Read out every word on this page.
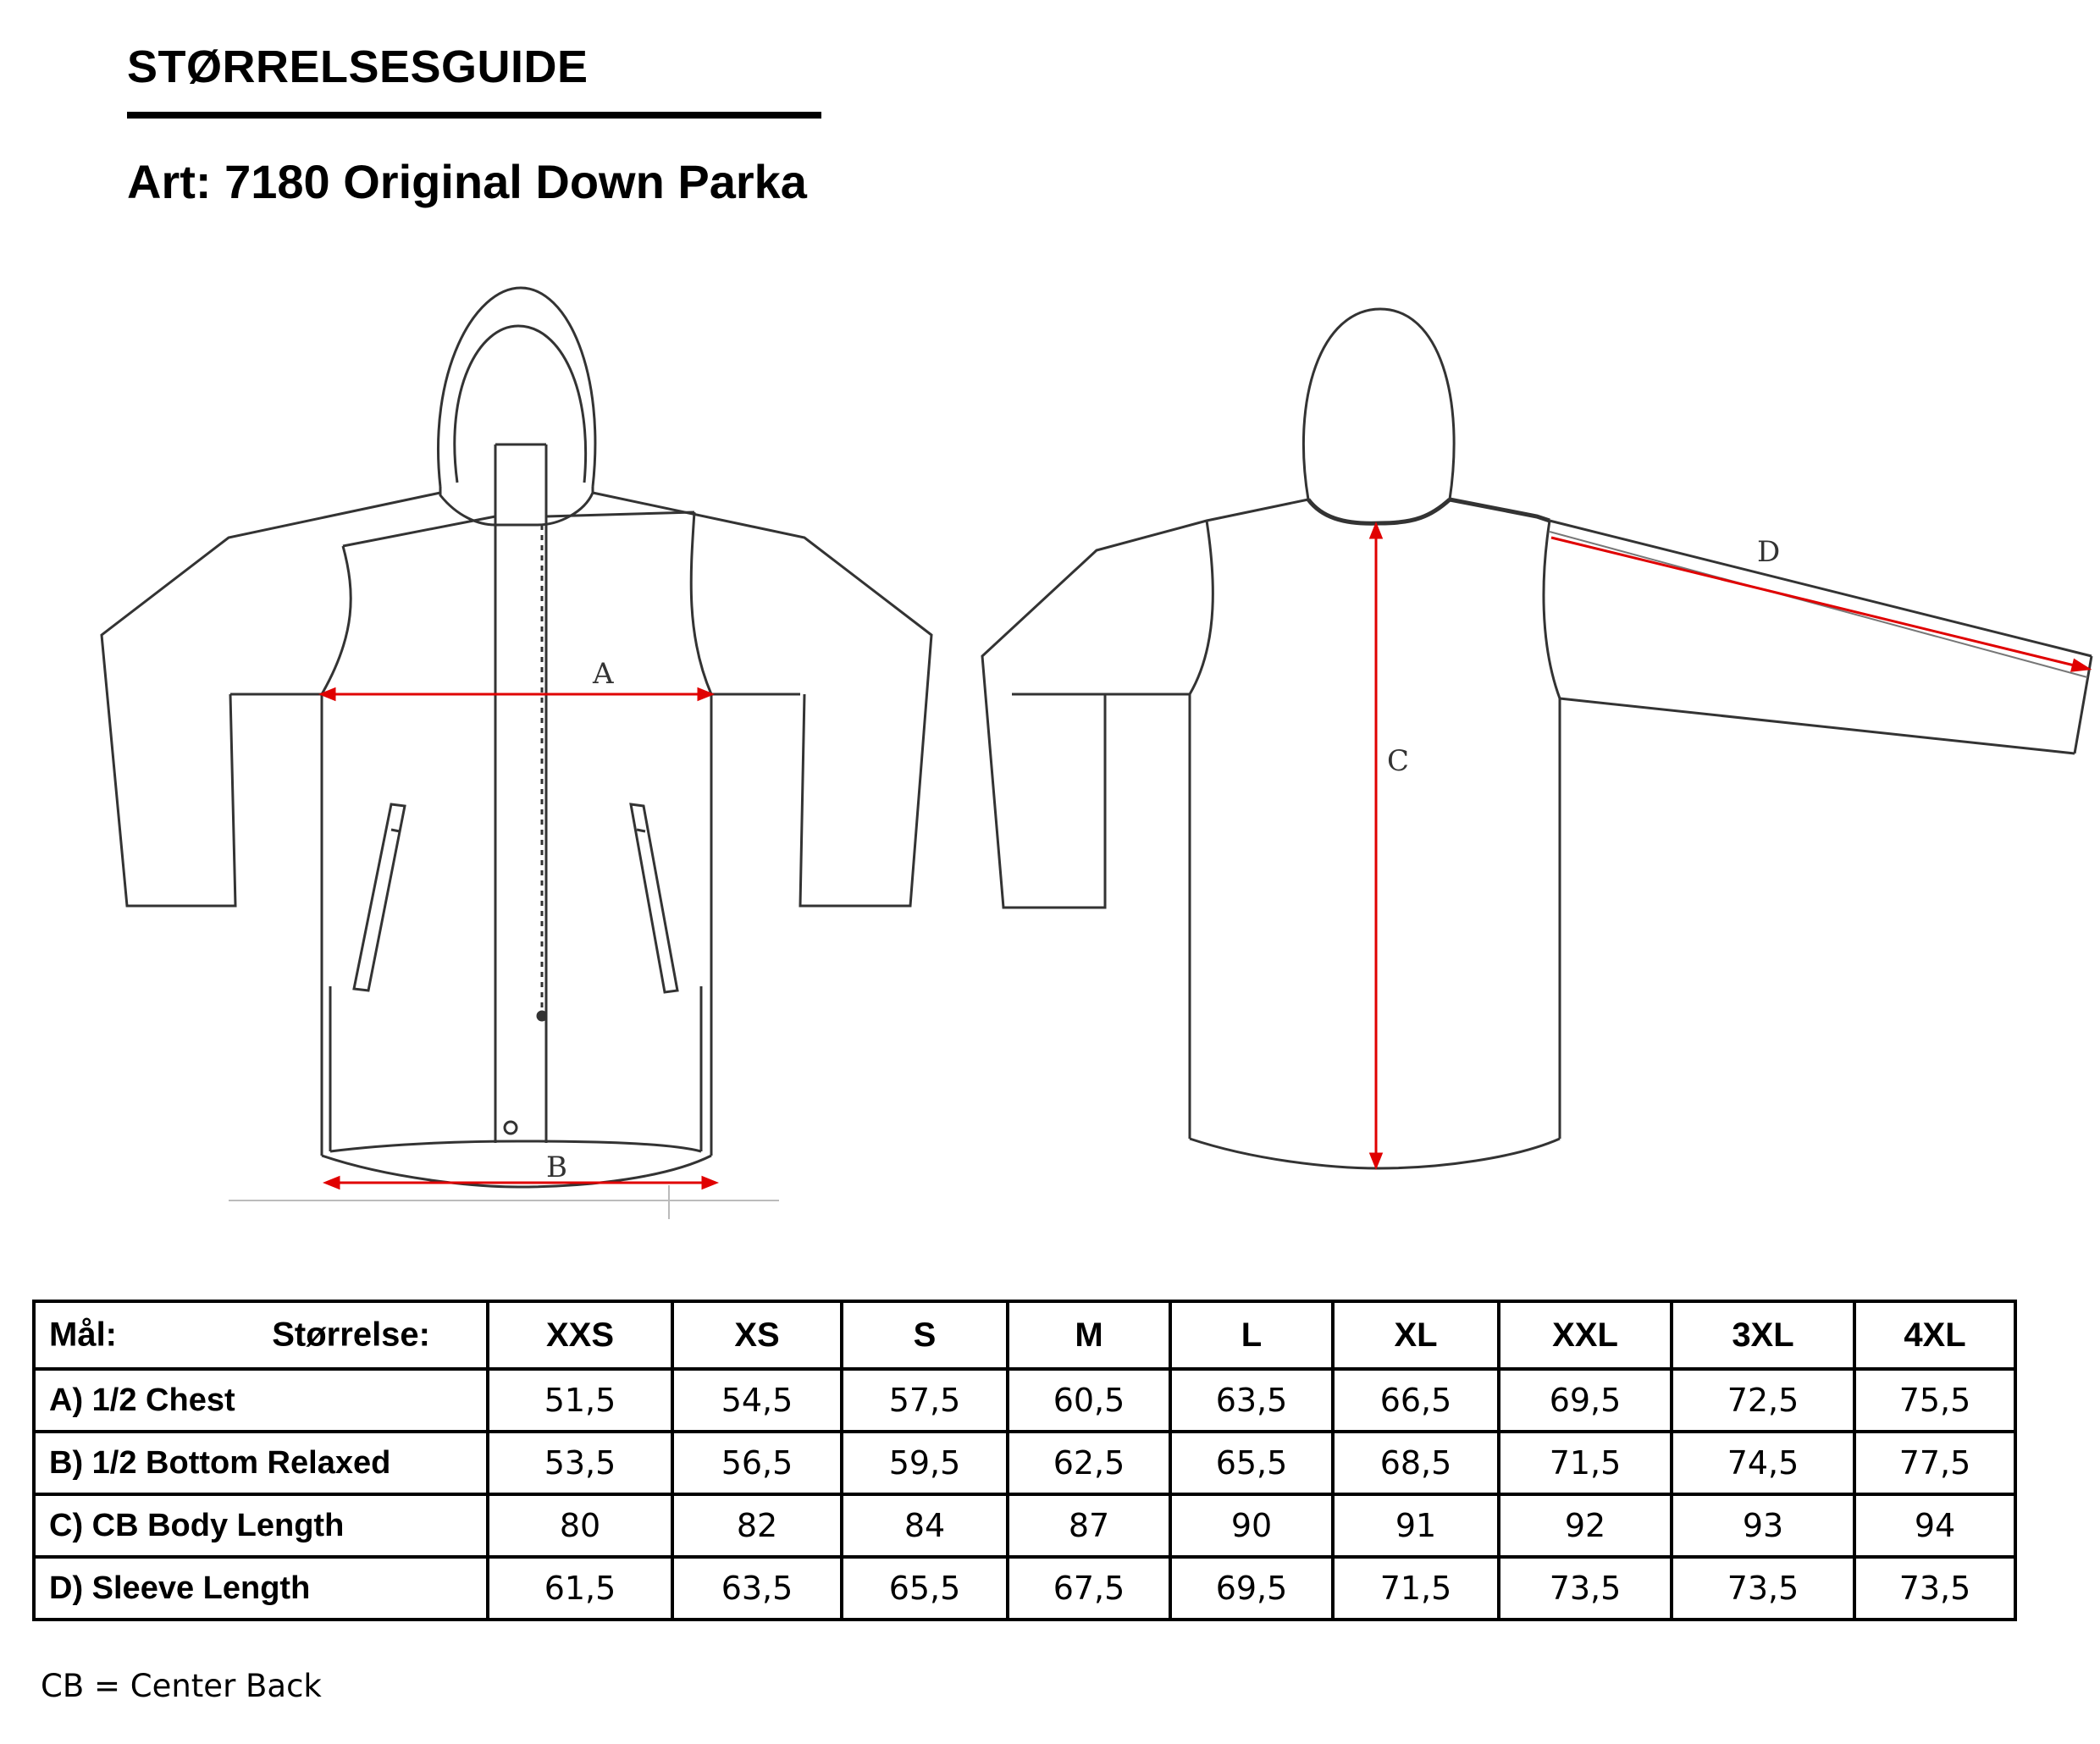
STØRRELSESGUIDE
Art: 7180 Original Down Parka
A
B
C
D
Mål: Størrelse:	XXS	XS	S	M	L	XL	XXL	3XL	4XL
A) 1/2 Chest	51,5	54,5	57,5	60,5	63,5	66,5	69,5	72,5	75,5
B) 1/2 Bottom Relaxed	53,5	56,5	59,5	62,5	65,5	68,5	71,5	74,5	77,5
C) CB Body Length	80	82	84	87	90	91	92	93	94
D) Sleeve Length	61,5	63,5	65,5	67,5	69,5	71,5	73,5	73,5	73,5
CB = Center Back
